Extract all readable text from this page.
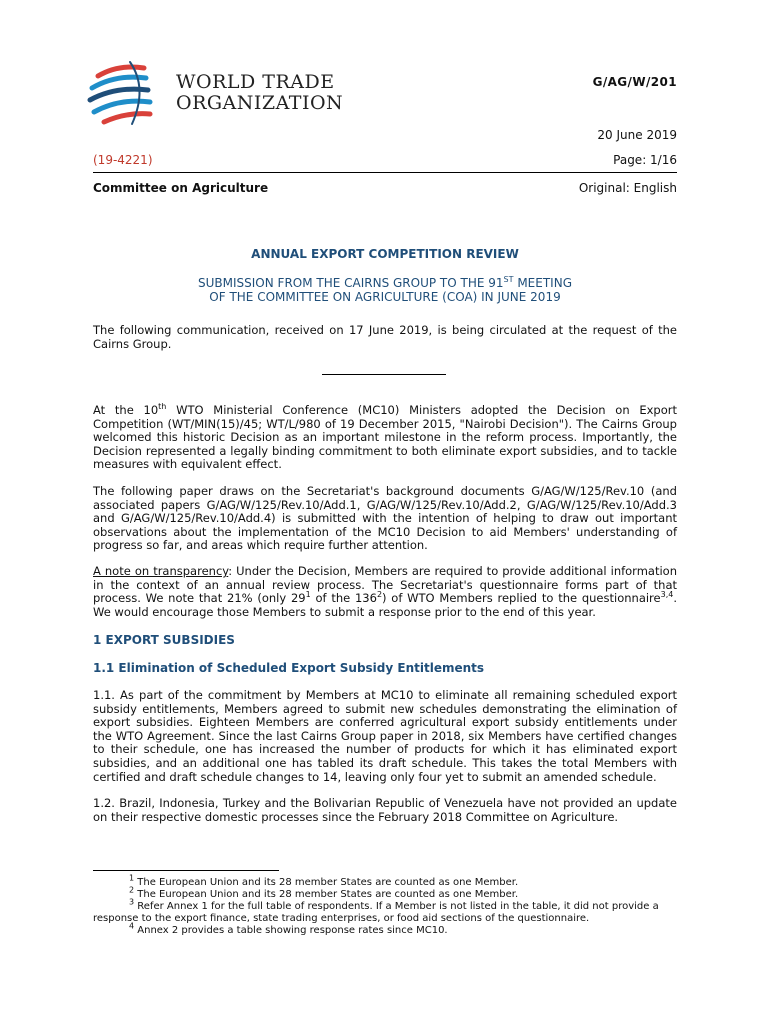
WORLD TRADE
ORGANIZATION
G/AG/W/201
20 June 2019
(19-4221)	Page: 1/16
Committee on Agriculture	Original: English
ANNUAL EXPORT COMPETITION REVIEW
SUBMISSION FROM THE CAIRNS GROUP TO THE 91ST MEETING
OF THE COMMITTEE ON AGRICULTURE (COA) IN JUNE 2019
The following communication, received on 17 June 2019, is being circulated at the request of the Cairns Group.
At the 10th WTO Ministerial Conference (MC10) Ministers adopted the Decision on Export Competition (WT/MIN(15)/45; WT/L/980 of 19 December 2015, "Nairobi Decision"). The Cairns Group welcomed this historic Decision as an important milestone in the reform process. Importantly, the Decision represented a legally binding commitment to both eliminate export subsidies, and to tackle measures with equivalent effect.
The following paper draws on the Secretariat's background documents G/AG/W/125/Rev.10 (and associated papers G/AG/W/125/Rev.10/Add.1, G/AG/W/125/Rev.10/Add.2, G/AG/W/125/Rev.10/Add.3 and G/AG/W/125/Rev.10/Add.4) is submitted with the intention of helping to draw out important observations about the implementation of the MC10 Decision to aid Members' understanding of progress so far, and areas which require further attention.
A note on transparency: Under the Decision, Members are required to provide additional information in the context of an annual review process. The Secretariat's questionnaire forms part of that process. We note that 21% (only $29^1$ of the $136^2$) of WTO Members replied to the questionnaire$^{3,4}$. We would encourage those Members to submit a response prior to the end of this year.
1 EXPORT SUBSIDIES
1.1 Elimination of Scheduled Export Subsidy Entitlements
1.1. As part of the commitment by Members at MC10 to eliminate all remaining scheduled export subsidy entitlements, Members agreed to submit new schedules demonstrating the elimination of export subsidies. Eighteen Members are conferred agricultural export subsidy entitlements under the WTO Agreement. Since the last Cairns Group paper in 2018, six Members have certified changes to their schedule, one has increased the number of products for which it has eliminated export subsidies, and an additional one has tabled its draft schedule. This takes the total Members with certified and draft schedule changes to 14, leaving only four yet to submit an amended schedule.
1.2. Brazil, Indonesia, Turkey and the Bolivarian Republic of Venezuela have not provided an update on their respective domestic processes since the February 2018 Committee on Agriculture.
$^1$ The European Union and its 28 member States are counted as one Member.
$^2$ The European Union and its 28 member States are counted as one Member.
$^3$ Refer Annex 1 for the full table of respondents. If a Member is not listed in the table, it did not provide a response to the export finance, state trading enterprises, or food aid sections of the questionnaire.
$^4$ Annex 2 provides a table showing response rates since MC10.
